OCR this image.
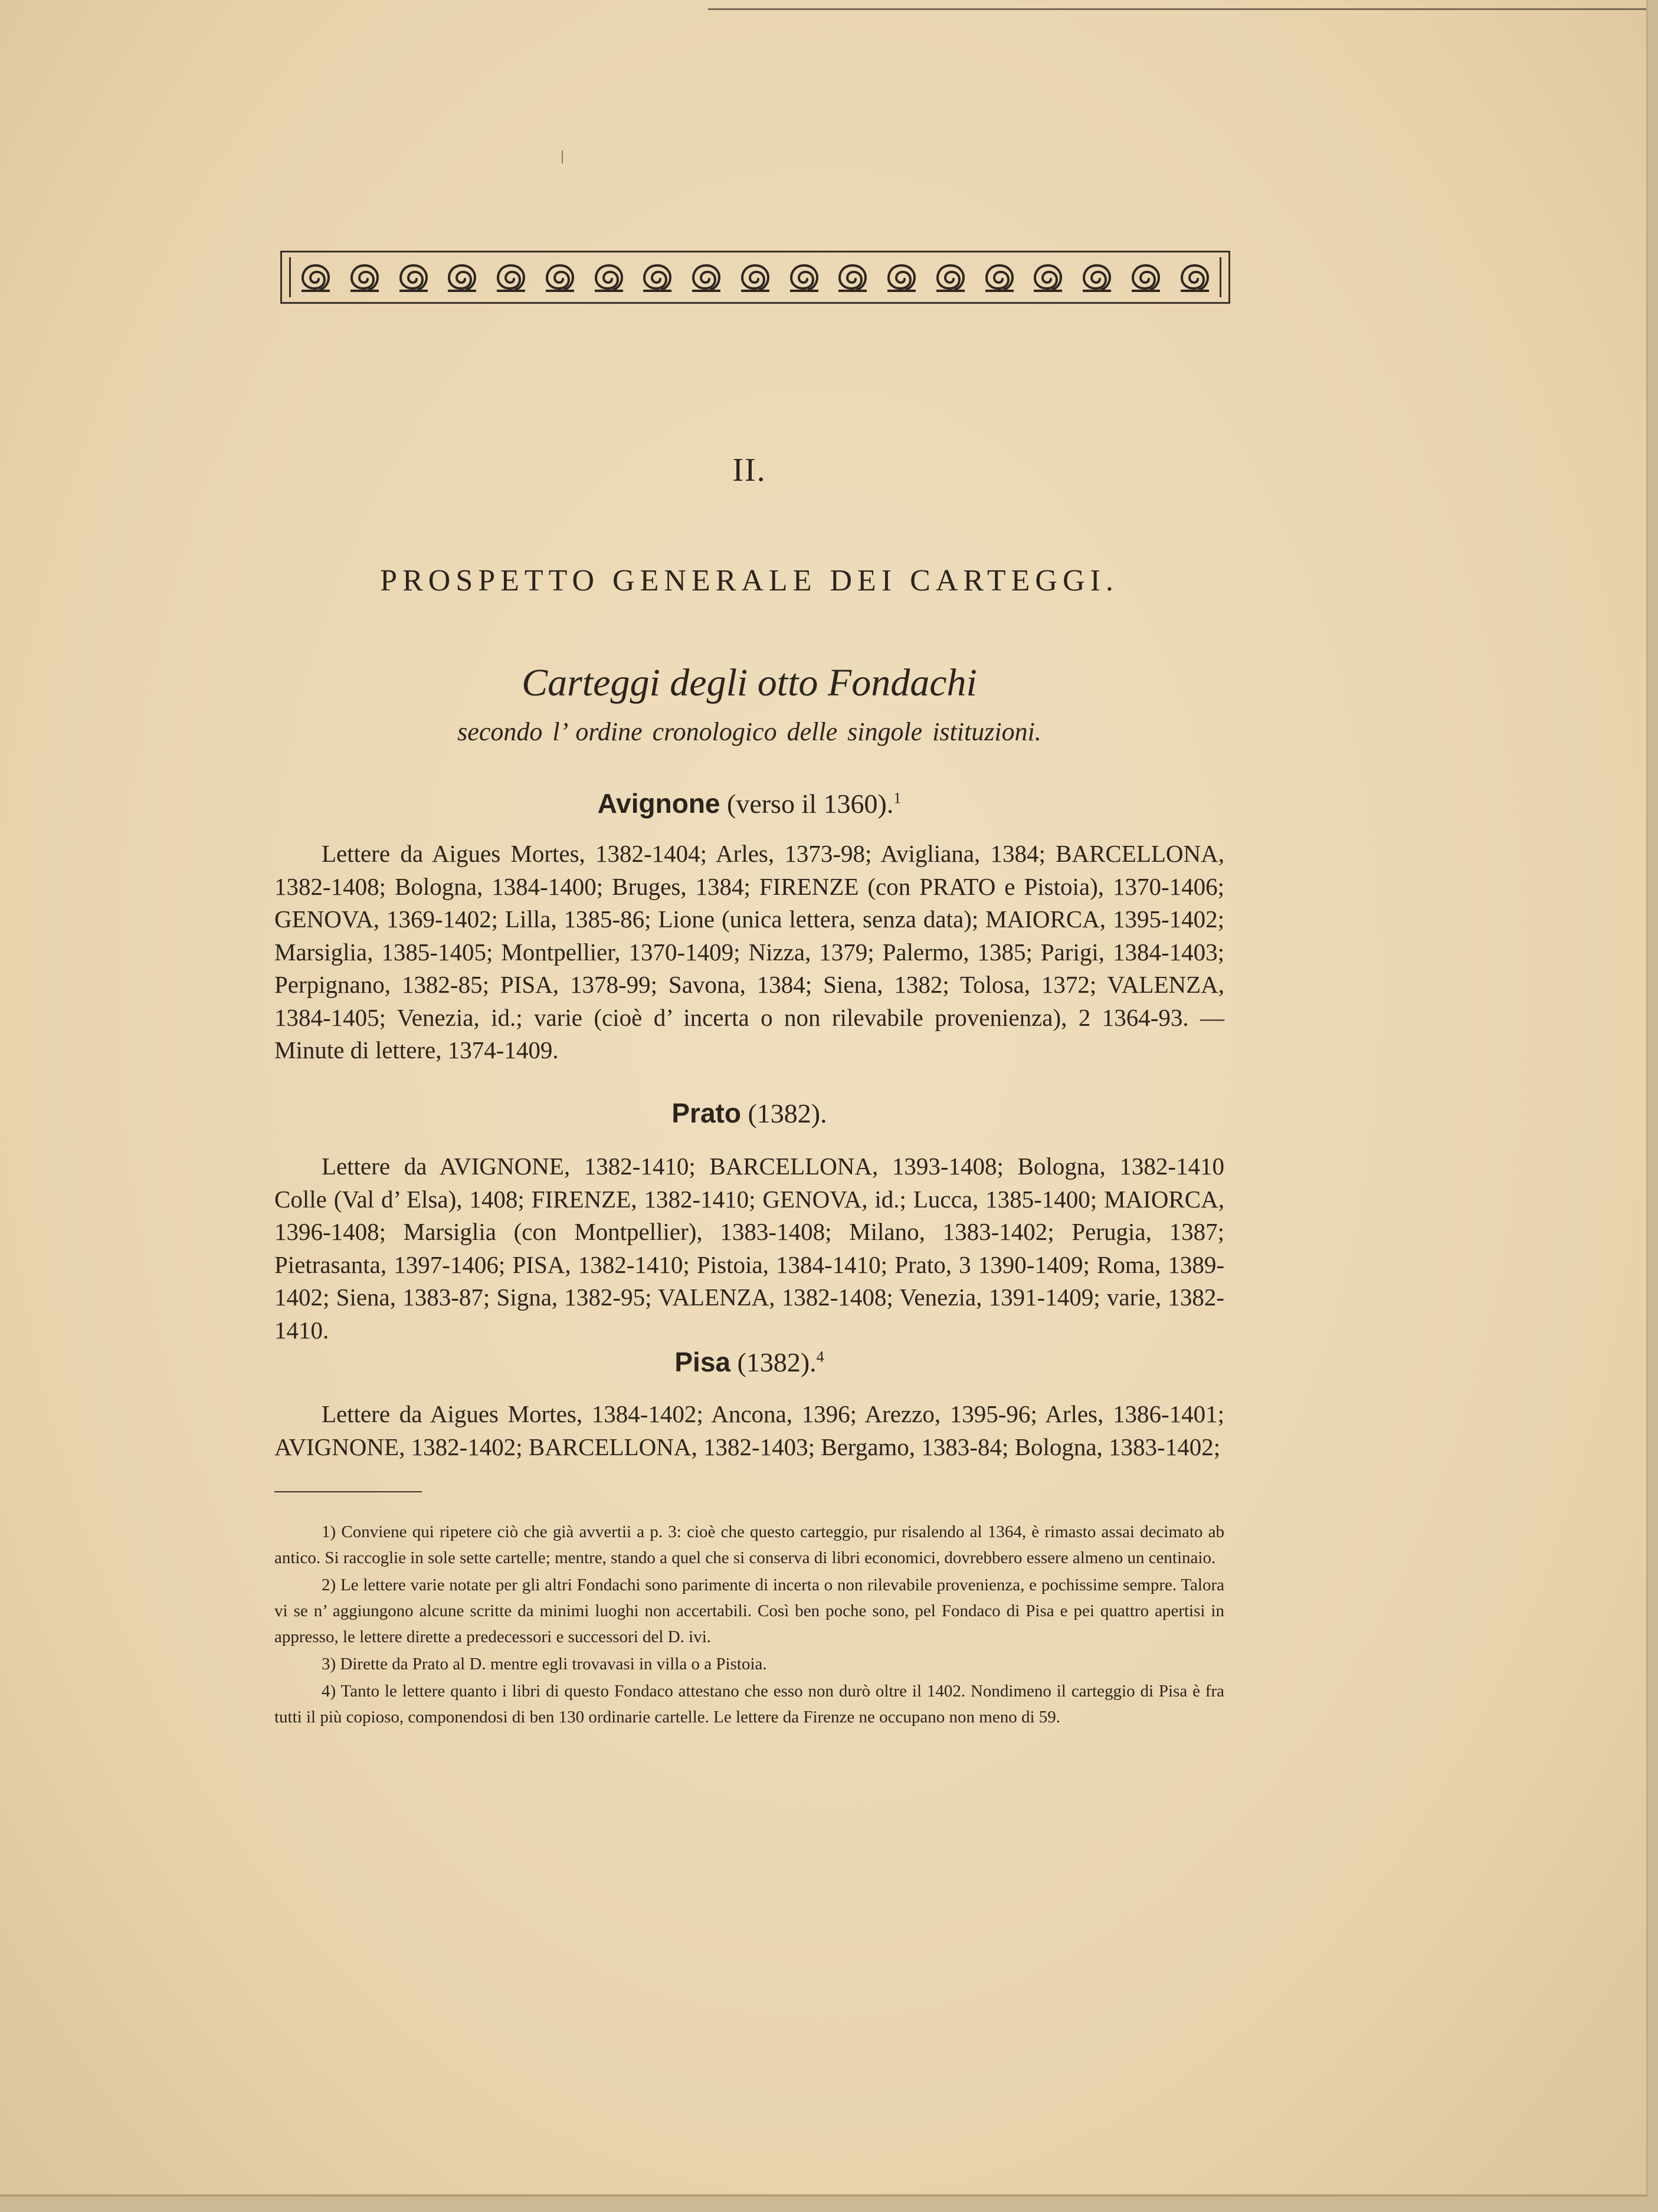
II.
PROSPETTO GENERALE DEI CARTEGGI.
Carteggi degli otto Fondachi
secondo l’ ordine cronologico delle singole istituzioni.
Avignone (verso il 1360).$^1$

Lettere da Aigues Mortes, 1382-1404; Arles, 1373-98; Avigliana, 1384; BARCELLONA, 1382-1408; Bologna, 1384-1400; Bruges, 1384; FIRENZE (con PRATO e Pistoia), 1370-1406; GENOVA, 1369-1402; Lilla, 1385-86; Lione (unica lettera, senza data); MAIORCA, 1395-1402; Marsiglia, 1385-1405; Montpellier, 1370-1409; Nizza, 1379; Palermo, 1385; Parigi, 1384-1403; Perpignano, 1382-85; PISA, 1378-99; Savona, 1384; Siena, 1382; Tolosa, 1372; VALENZA, 1384-1405; Venezia, id.; varie (cioè d’ incerta o non rilevabile provenienza), 2 1364-93. — Minute di lettere, 1374-1409.

Prato (1382).

Lettere da AVIGNONE, 1382-1410; BARCELLONA, 1393-1408; Bologna, 1382-1410 Colle (Val d’ Elsa), 1408; FIRENZE, 1382-1410; GENOVA, id.; Lucca, 1385-1400; MAIORCA, 1396-1408; Marsiglia (con Montpellier), 1383-1408; Milano, 1383-1402; Perugia, 1387; Pietrasanta, 1397-1406; PISA, 1382-1410; Pistoia, 1384-1410; Prato, 3 1390-1409; Roma, 1389-1402; Siena, 1383-87; Signa, 1382-95; VALENZA, 1382-1408; Venezia, 1391-1409; varie, 1382-1410.

Pisa (1382).$^4$

Lettere da Aigues Mortes, 1384-1402; Ancona, 1396; Arezzo, 1395-96; Arles, 1386-1401; AVIGNONE, 1382-1402; BARCELLONA, 1382-1403; Bergamo, 1383-84; Bologna, 1383-1402;

1) Conviene qui ripetere ciò che già avvertii a p. 3: cioè che questo carteggio, pur risalendo al 1364, è rimasto assai decimato ab antico. Si raccoglie in sole sette cartelle; mentre, stando a quel che si conserva di libri economici, dovrebbero essere almeno un centinaio.

2) Le lettere varie notate per gli altri Fondachi sono parimente di incerta o non rilevabile provenienza, e pochissime sempre. Talora vi se n’ aggiungono alcune scritte da minimi luoghi non accertabili. Così ben poche sono, pel Fondaco di Pisa e pei quattro apertisi in appresso, le lettere dirette a predecessori e successori del D. ivi.

3) Dirette da Prato al D. mentre egli trovavasi in villa o a Pistoia.

4) Tanto le lettere quanto i libri di questo Fondaco attestano che esso non durò oltre il 1402. Nondimeno il carteggio di Pisa è fra tutti il più copioso, componendosi di ben 130 ordinarie cartelle. Le lettere da Firenze ne occupano non meno di 59.
